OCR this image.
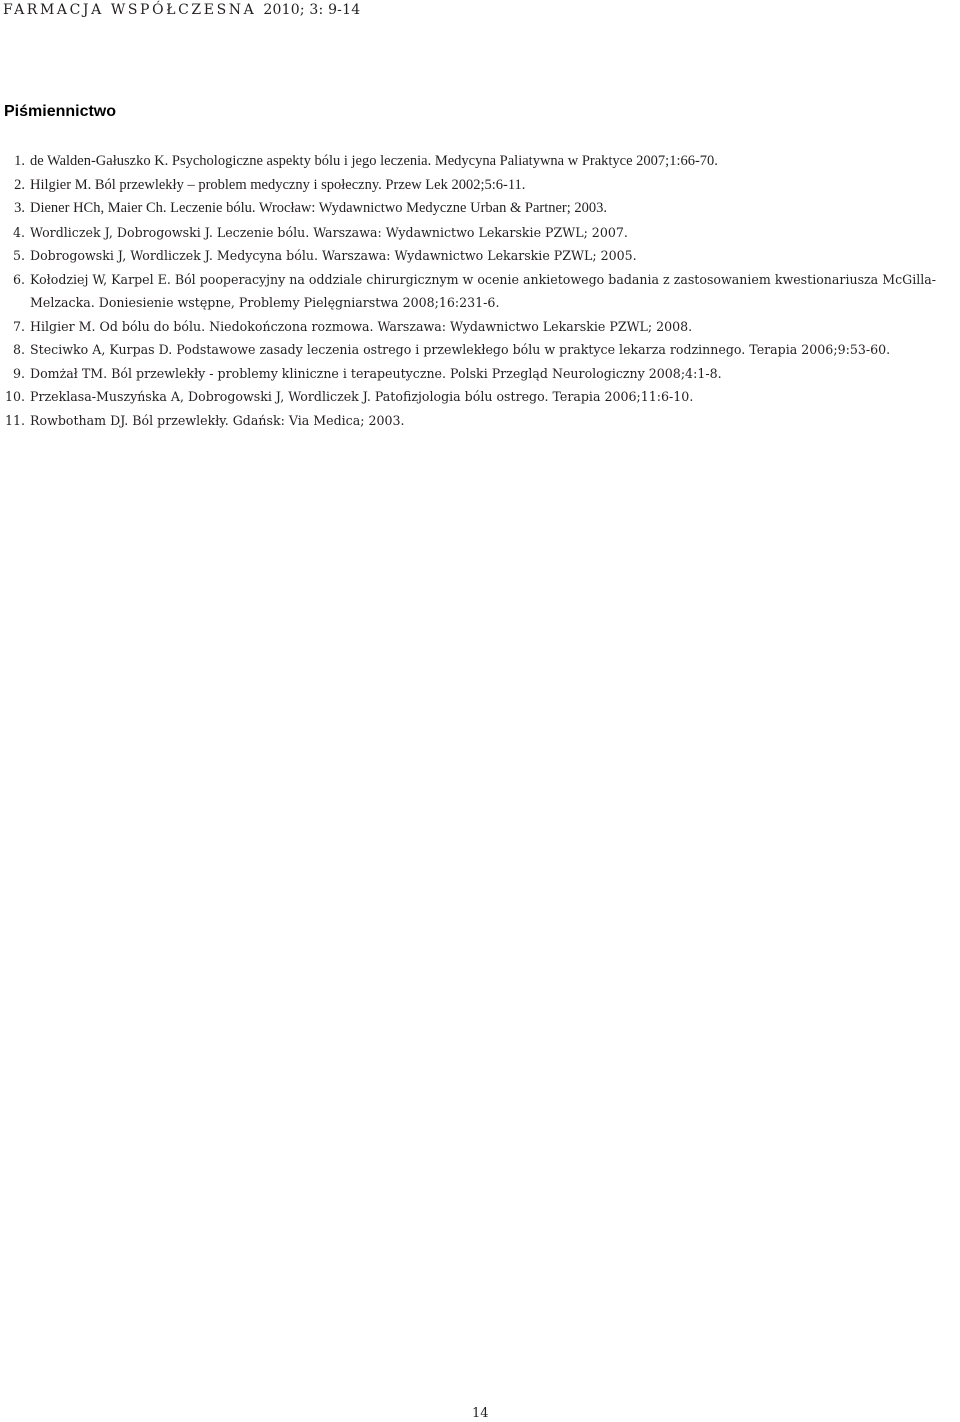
FARMACJA WSPÓŁCZESNA 2010; 3: 9-14
Piśmiennictwo
1. de Walden-Gałuszko K. Psychologiczne aspekty bólu i jego leczenia. Medycyna Paliatywna w Praktyce 2007;1:66-70.
2. Hilgier M. Ból przewlekły – problem medyczny i społeczny. Przew Lek 2002;5:6-11.
3. Diener HCh, Maier Ch. Leczenie bólu. Wrocław: Wydawnictwo Medyczne Urban & Partner; 2003.
4. Wordliczek J, Dobrogowski J. Leczenie bólu. Warszawa: Wydawnictwo Lekarskie PZWL; 2007.
5. Dobrogowski J, Wordliczek J. Medycyna bólu. Warszawa: Wydawnictwo Lekarskie PZWL; 2005.
6. Kołodziej W, Karpel E. Ból pooperacyjny na oddziale chirurgicznym w ocenie ankietowego badania z zastosowaniem kwestionariusza McGilla-Melzacka. Doniesienie wstępne, Problemy Pielęgniarstwa 2008;16:231-6.
7. Hilgier M. Od bólu do bólu. Niedokończona rozmowa. Warszawa: Wydawnictwo Lekarskie PZWL; 2008.
8. Steciwko A, Kurpas D. Podstawowe zasady leczenia ostrego i przewlekłego bólu w praktyce lekarza rodzinnego. Terapia 2006;9:53-60.
9. Domżał TM. Ból przewlekły - problemy kliniczne i terapeutyczne. Polski Przegląd Neurologiczny 2008;4:1-8.
10. Przeklasa-Muszyńska A, Dobrogowski J, Wordliczek J. Patofizjologia bólu ostrego. Terapia 2006;11:6-10.
11. Rowbotham DJ. Ból przewlekły. Gdańsk: Via Medica; 2003.
14
